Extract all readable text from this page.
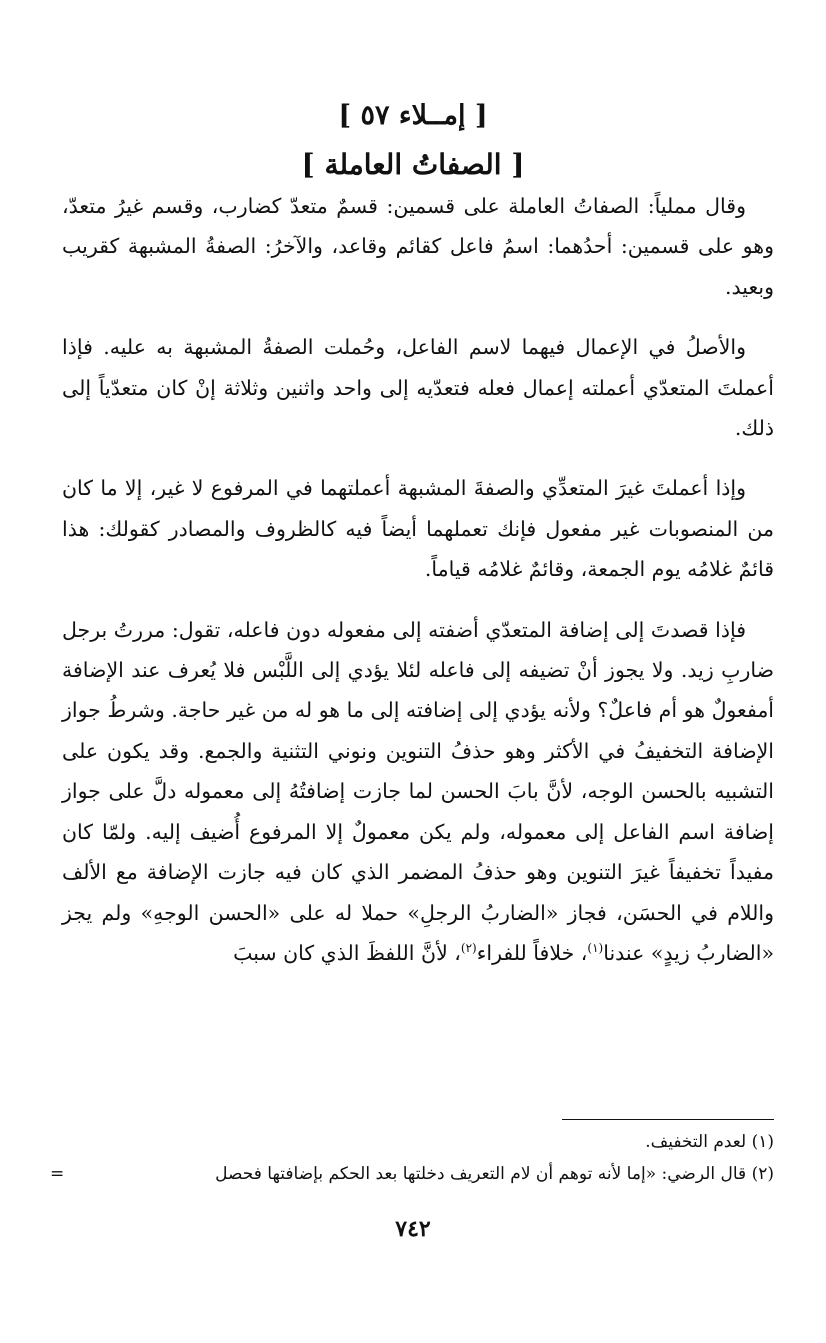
[ إمــلاء ٥٧ ]
[ الصفاتُ العاملة ]

وقال مملياً: الصفاتُ العاملة على قسمين: قسمٌ متعدّ كضارب، وقسم غيرُ متعدّ، وهو على قسمين: أحدُهما: اسمُ فاعل كقائم وقاعد، والآخرُ: الصفةُ المشبهة كقريب وبعيد.

والأصلُ في الإعمال فيهما لاسم الفاعل، وحُملت الصفةُ المشبهة به عليه. فإذا أعملتَ المتعدّي أعملته إعمال فعله فتعدّيه إلى واحد واثنين وثلاثة إنْ كان متعدّياً إلى ذلك.

وإذا أعملتَ غيرَ المتعدِّي والصفةَ المشبهة أعملتهما في المرفوع لا غير، إلا ما كان من المنصوبات غير مفعول فإنك تعملهما أيضاً فيه كالظروف والمصادر كقولك: هذا قائمٌ غلامُه يوم الجمعة، وقائمٌ غلامُه قياماً.

فإذا قصدتَ إلى إضافة المتعدّي أضفته إلى مفعوله دون فاعله، تقول: مررتُ برجل ضاربِ زيد. ولا يجوز أنْ تضيفه إلى فاعله لئلا يؤدي إلى اللَّبْس فلا يُعرف عند الإضافة أمفعولٌ هو أم فاعلٌ؟ ولأنه يؤدي إلى إضافته إلى ما هو له من غير حاجة. وشرطُ جواز الإضافة التخفيفُ في الأكثر وهو حذفُ التنوين ونوني التثنية والجمع. وقد يكون على التشبيه بالحسن الوجه، لأنَّ بابَ الحسن لما جازت إضافتُهُ إلى معموله دلَّ على جواز إضافة اسم الفاعل إلى معموله، ولم يكن معمولٌ إلا المرفوع أُضيف إليه. ولمّا كان مفيداً تخفيفاً غيرَ التنوين وهو حذفُ المضمر الذي كان فيه جازت الإضافة مع الألف واللام في الحسَن، فجاز «الضاربُ الرجلِ» حملا له على «الحسن الوجهِ» ولم يجز «الضاربُ زيدٍ» عندنا$^{(١)}$، خلافاً للفراء$^{(٢)}$، لأنَّ اللفظَ الذي كان سببَ

(١) لعدم التخفيف.
(٢) قال الرضي: «إما لأنه توهم أن لام التعريف دخلتها بعد الحكم بإضافتها فحصل
=
٧٤٢
